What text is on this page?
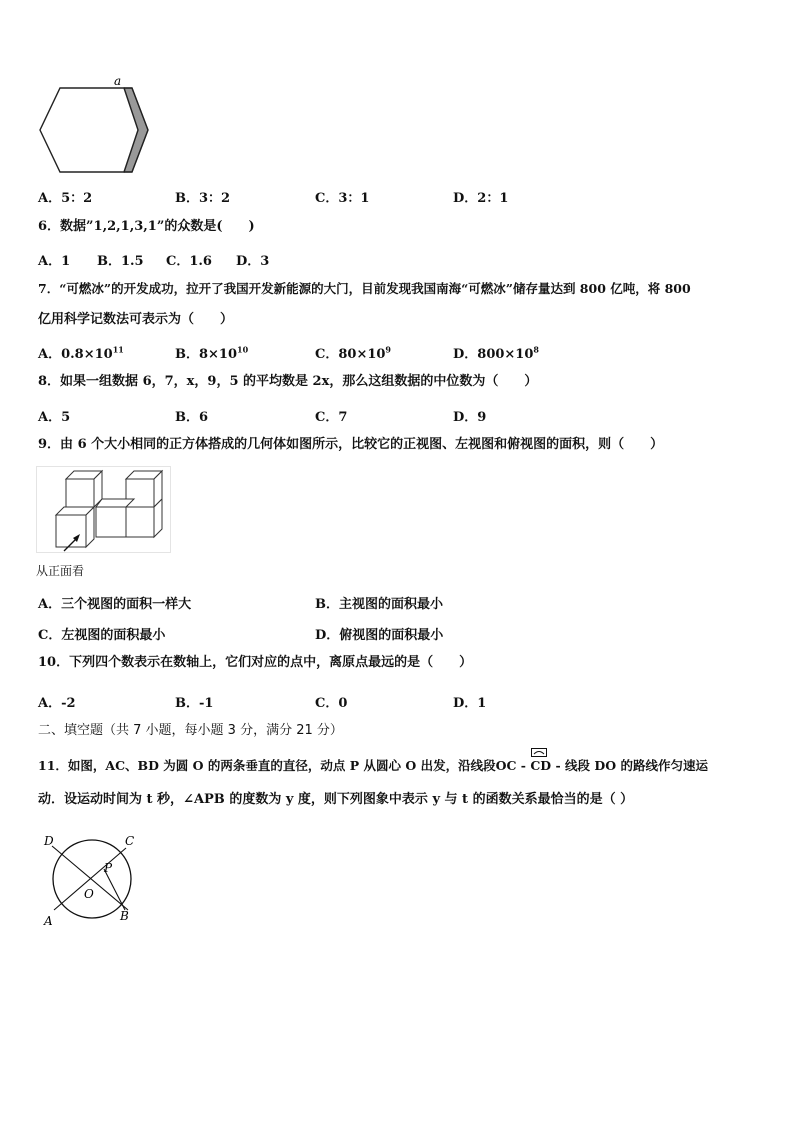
a
A．5：2	B．3：2	C．3：1	D．2：1
6．数据”1,2,1,3,1”的众数是(　　)
A．1 B．1.5 C．1.6 D．3
7．“可燃冰”的开发成功，拉开了我国开发新能源的大门，目前发现我国南海“可燃冰”储存量达到 800 亿吨，将 800
亿用科学记数法可表示为（　　）
A．$0.8\times 10^{11}$	B．$8\times 10^{10}$	C．$80\times 10^9$	D．$800\times 10^8$
8．如果一组数据 6，7，x，9，5 的平均数是 2x，那么这组数据的中位数为（　　）
A．5	B．6	C．7	D．9
9．由 6 个大小相同的正方体搭成的几何体如图所示，比较它的正视图、左视图和俯视图的面积，则（　　）
从正面看
A．三个视图的面积一样大	B．主视图的面积最小
C．左视图的面积最小	D．俯视图的面积最小
10．下列四个数表示在数轴上，它们对应的点中，离原点最远的是（　　）
A．-2	B．-1	C．0	D．1
二、填空题（共 7 小题，每小题 3 分，满分 21 分）
11．如图，AC、BD 为圆 O 的两条垂直的直径，动点 P 从圆心 O 出发，沿线段OC -
CD - 线段 DO 的路线作匀速运
动．设运动时间为 t 秒，∠APB 的度数为 y 度，则下列图象中表示 y 与 t 的函数关系最恰当的是（ ）
D	C
P
O
A	B
